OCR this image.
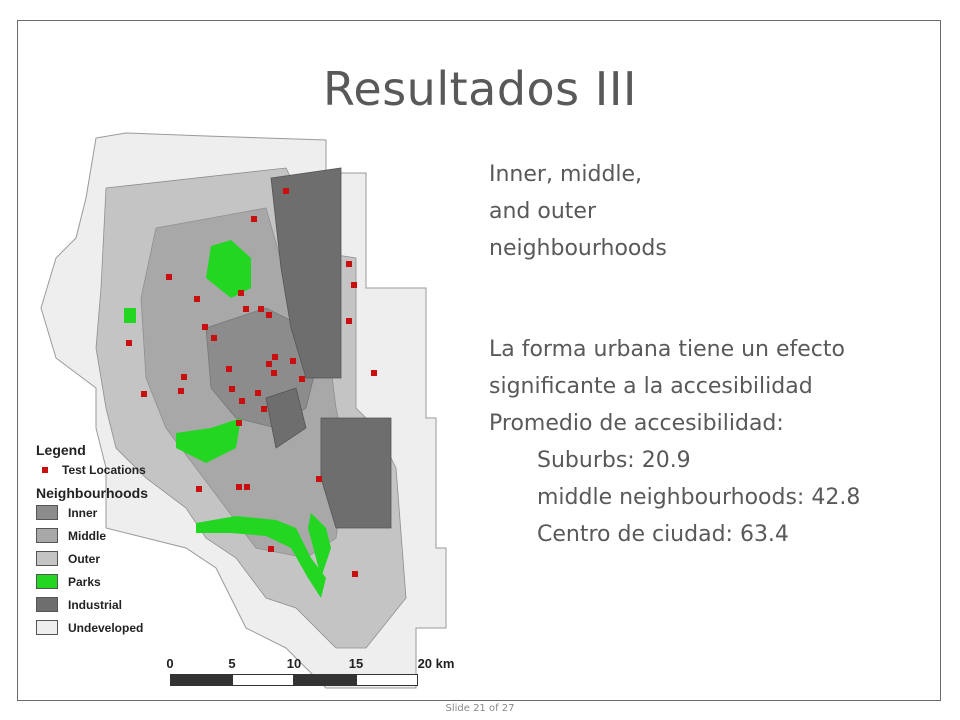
Resultados III
Legend
Test Locations
Neighbourhoods
Inner
Middle
Outer
Parks
Industrial
Undeveloped
0	5	10	15	20 km
Inner, middle,
and outer
neighbourhoods
La forma urbana tiene un efecto
significante a la accesibilidad
Promedio de accesibilidad:
Suburbs: 20.9
middle neighbourhoods: 42.8
Centro de ciudad: 63.4
Slide 21 of 27
